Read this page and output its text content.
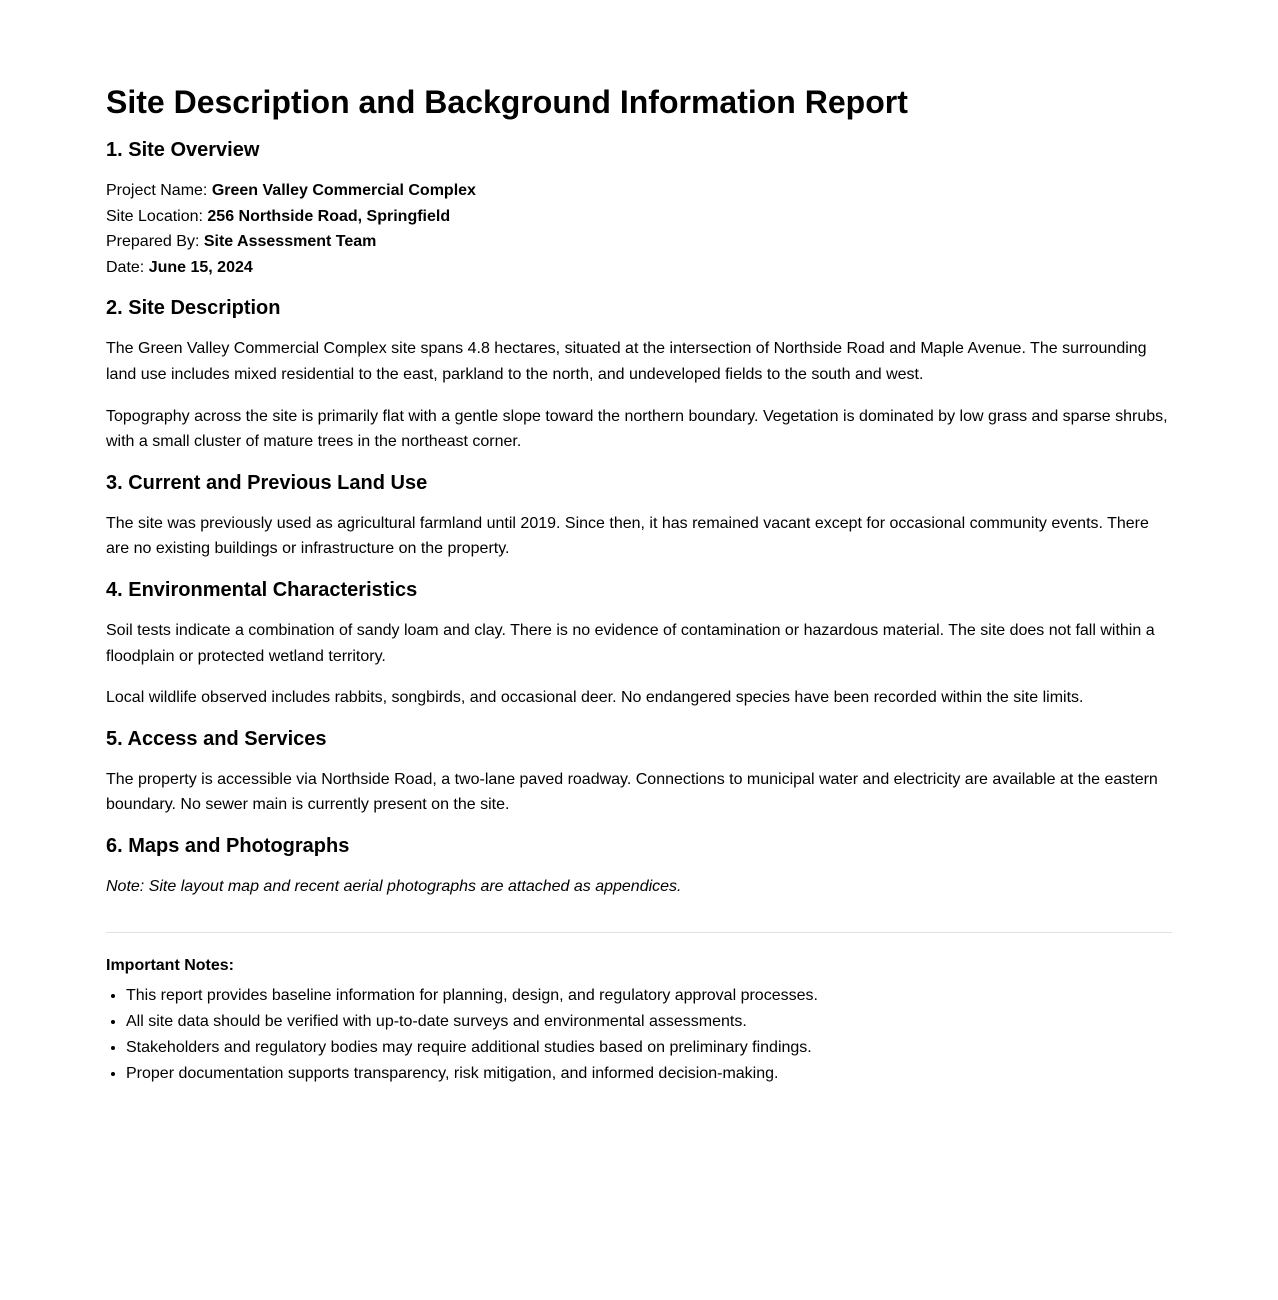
Site Description and Background Information Report
1. Site Overview
Project Name: Green Valley Commercial Complex
Site Location: 256 Northside Road, Springfield
Prepared By: Site Assessment Team
Date: June 15, 2024
2. Site Description

The Green Valley Commercial Complex site spans 4.8 hectares, situated at the intersection of Northside Road and Maple Avenue. The surrounding land use includes mixed residential to the east, parkland to the north, and undeveloped fields to the south and west.

Topography across the site is primarily flat with a gentle slope toward the northern boundary. Vegetation is dominated by low grass and sparse shrubs, with a small cluster of mature trees in the northeast corner.

3. Current and Previous Land Use

The site was previously used as agricultural farmland until 2019. Since then, it has remained vacant except for occasional community events. There are no existing buildings or infrastructure on the property.

4. Environmental Characteristics

Soil tests indicate a combination of sandy loam and clay. There is no evidence of contamination or hazardous material. The site does not fall within a floodplain or protected wetland territory.

Local wildlife observed includes rabbits, songbirds, and occasional deer. No endangered species have been recorded within the site limits.

5. Access and Services

The property is accessible via Northside Road, a two-lane paved roadway. Connections to municipal water and electricity are available at the eastern boundary. No sewer main is currently present on the site.

6. Maps and Photographs

Note: Site layout map and recent aerial photographs are attached as appendices.

Important Notes:
• This report provides baseline information for planning, design, and regulatory approval processes.
• All site data should be verified with up-to-date surveys and environmental assessments.
• Stakeholders and regulatory bodies may require additional studies based on preliminary findings.
• Proper documentation supports transparency, risk mitigation, and informed decision-making.
